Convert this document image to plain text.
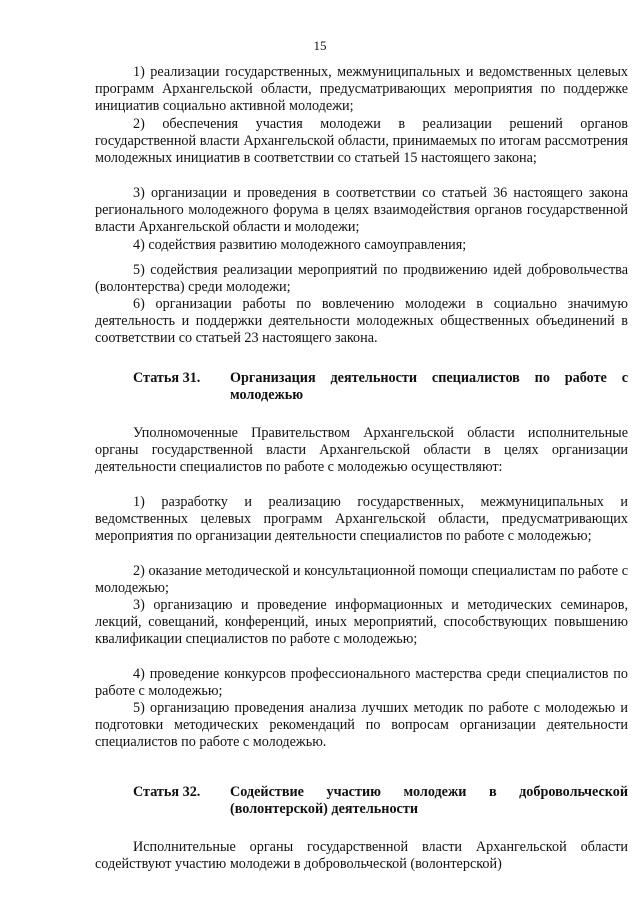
15

1) реализации государственных, межмуниципальных и ведомственных целевых программ Архангельской области, предусматривающих мероприятия по поддержке инициатив социально активной молодежи;

2) обеспечения участия молодежи в реализации решений органов государственной власти Архангельской области, принимаемых по итогам рассмотрения молодежных инициатив в соответствии со статьей 15 настоящего закона;

3) организации и проведения в соответствии со статьей 36 настоящего закона регионального молодежного форума в целях взаимодействия органов государственной власти Архангельской области и молодежи;

4) содействия развитию молодежного самоуправления;

5) содействия реализации мероприятий по продвижению идей добровольчества (волонтерства) среди молодежи;

6) организации работы по вовлечению молодежи в социально значимую деятельность и поддержки деятельности молодежных общественных объединений в соответствии со статьей 23 настоящего закона.

Статья 31.	Организация деятельности специалистов по работе с молодежью

Уполномоченные Правительством Архангельской области исполнительные органы государственной власти Архангельской области в целях организации деятельности специалистов по работе с молодежью осуществляют:

1) разработку и реализацию государственных, межмуниципальных и ведомственных целевых программ Архангельской области, предусматривающих мероприятия по организации деятельности специалистов по работе с молодежью;

2) оказание методической и консультационной помощи специалистам по работе с молодежью;

3) организацию и проведение информационных и методических семинаров, лекций, совещаний, конференций, иных мероприятий, способствующих повышению квалификации специалистов по работе с молодежью;

4) проведение конкурсов профессионального мастерства среди специалистов по работе с молодежью;

5) организацию проведения анализа лучших методик по работе с молодежью и подготовки методических рекомендаций по вопросам организации деятельности специалистов по работе с молодежью.

Статья 32.	Содействие участию молодежи в добровольческой (волонтерской) деятельности

Исполнительные органы государственной власти Архангельской области содействуют участию молодежи в добровольческой (волонтерской)
